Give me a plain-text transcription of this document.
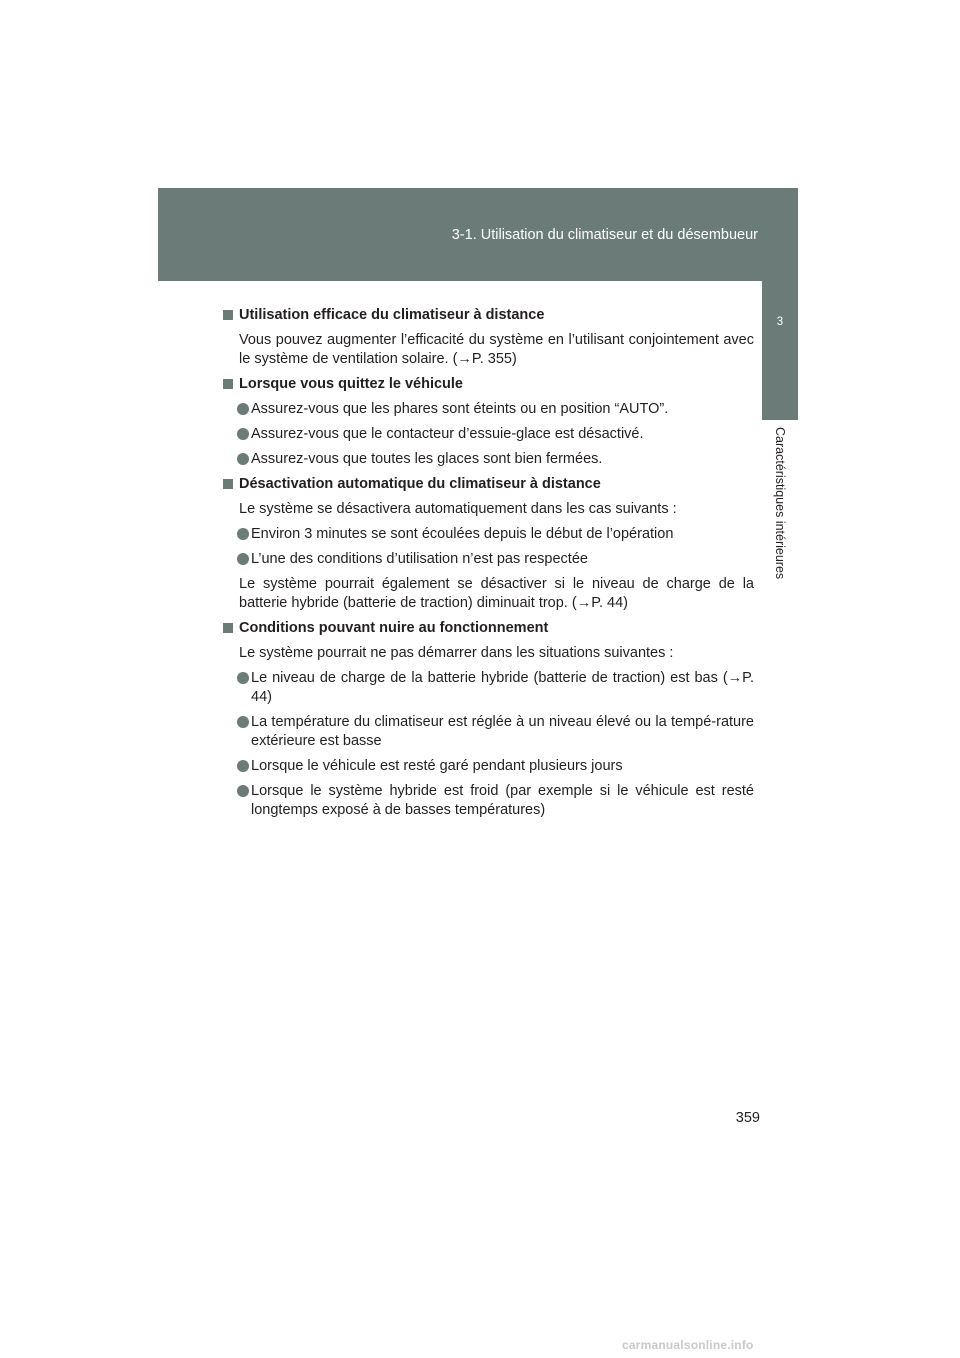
3-1. Utilisation du climatiseur et du désembueur
3
Caractéristiques intérieures
Utilisation efficace du climatiseur à distance
Vous pouvez augmenter l’efficacité du système en l’utilisant conjointement avec le système de ventilation solaire. (→P. 355)
Lorsque vous quittez le véhicule
Assurez-vous que les phares sont éteints ou en position “AUTO”.
Assurez-vous que le contacteur d’essuie-glace est désactivé.
Assurez-vous que toutes les glaces sont bien fermées.
Désactivation automatique du climatiseur à distance
Le système se désactivera automatiquement dans les cas suivants :
Environ 3 minutes se sont écoulées depuis le début de l’opération
L’une des conditions d’utilisation n’est pas respectée
Le système pourrait également se désactiver si le niveau de charge de la batterie hybride (batterie de traction) diminuait trop. (→P. 44)
Conditions pouvant nuire au fonctionnement
Le système pourrait ne pas démarrer dans les situations suivantes :
Le niveau de charge de la batterie hybride (batterie de traction) est bas (→P. 44)
La température du climatiseur est réglée à un niveau élevé ou la tempé-rature extérieure est basse
Lorsque le véhicule est resté garé pendant plusieurs jours
Lorsque le système hybride est froid (par exemple si le véhicule est resté longtemps exposé à de basses températures)
359
carmanualsonline.info
